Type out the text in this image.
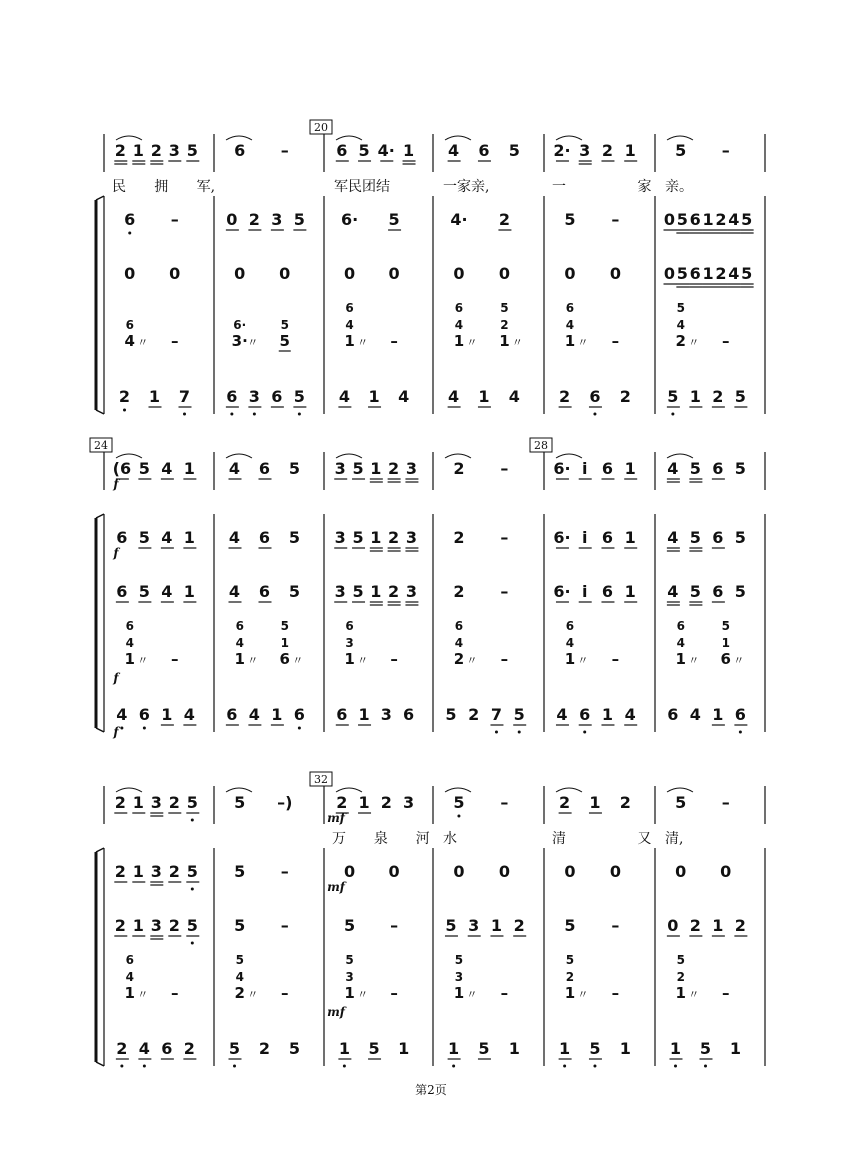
20
民 拥 军,	军民团结	一家亲,	一	家 亲。
2 1 2 3 5 6 –	6 5 4· 1 4 6 5 2· 3 2 1 5 –
6 –	0 2 3 5 6· 5	4· 2	5 –	0 5 6 1 2 4 5
0 0	0 0	0 0	0 0	0 0	0 5 6 1 2 4 5
6
4 〃 –
6·
3· 〃
5
5
6
4
1 〃 –
6
4
1 〃
5
2
1 〃
6
4
1 〃 –
5
4
2 〃 –
2 1 7 6 3 6 5 4 1 4 4 1 4 2 6 2 5 1 2 5
24	28
(6 5 4 1 4 6 5 3 5 1 2 3 2 –	6· i 6 1 4 5 6 5
6 5 4 1 4 6 5 3 5 1 2 3 2 –	6· i 6 1 4 5 6 5
6 5 4 1 4 6 5 3 5 1 2 3 2 –	6· i 6 1 4 5 6 5
6
4
1 〃 –
6
4
1 〃
5
1
6 〃
6
3
1 〃 –
6
4
2 〃 –
6
4
1 〃 –
6
4
1 〃
5
1
6 〃
4 6 1 4 6 4 1 6 6 1 3 6 5 2 7 5 4 6 1 4 6 4 1 6
f
f
f
f
32
万 泉 河 水	清	又 清,
2 1 3 2 5 5 –)	2 1 2 3 5 –	2 1 2	5 –
2 1 3 2 5 5 –	0 0	0 0	0 0	0 0
2 1 3 2 5 5 –	5 –	5 3 1 2 5 –	0 2 1 2
6
4
1 〃 –
5
4
2 〃 –
5
3
1 〃 –
5
3
1 〃 –
5
2
1 〃 –
5
2
1 〃 –
2 4 6 2 5 2 5 1 5 1 1 5 1 1 5 1 1 5 1
mf
mf
mf
第2页
